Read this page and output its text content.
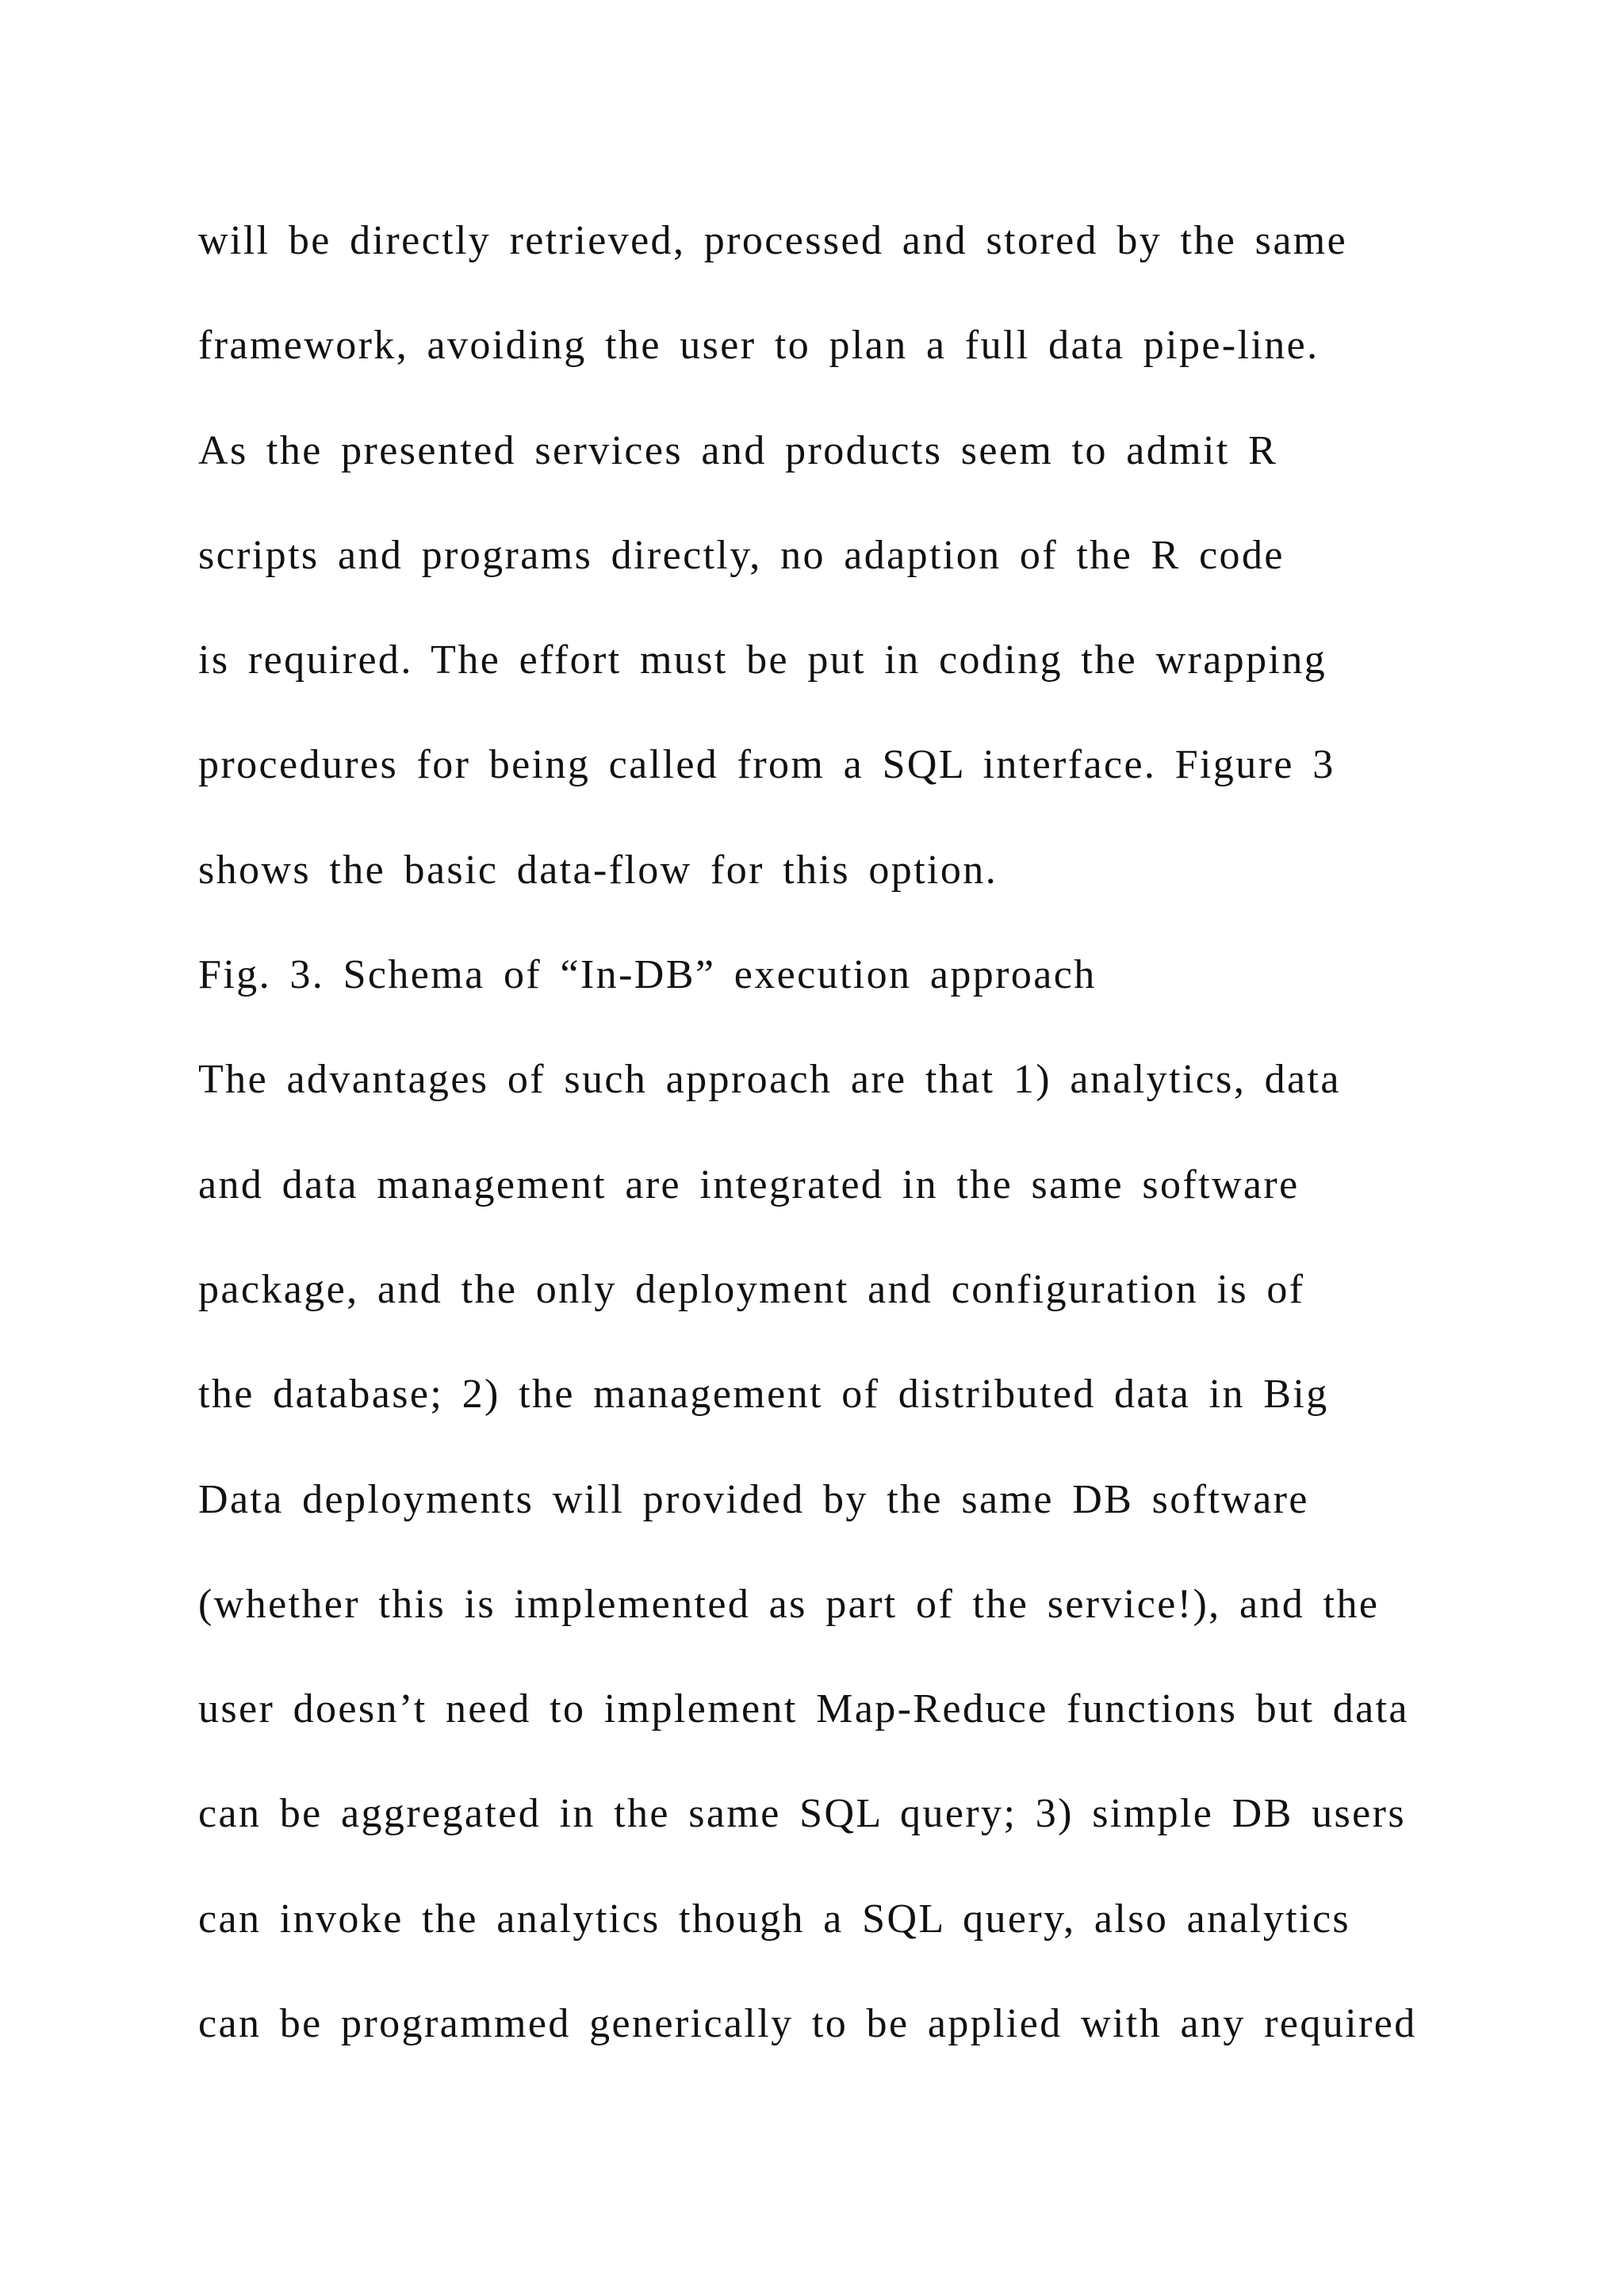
will be directly retrieved, processed and stored by the same
framework, avoiding the user to plan a full data pipe-line.
As the presented services and products seem to admit R
scripts and programs directly, no adaption of the R code
is required. The effort must be put in coding the wrapping
procedures for being called from a SQL interface. Figure 3
shows the basic data-flow for this option.
Fig. 3. Schema of “In-DB” execution approach
The advantages of such approach are that 1) analytics, data
and data management are integrated in the same software
package, and the only deployment and configuration is of
the database; 2) the management of distributed data in Big
Data deployments will provided by the same DB software
(whether this is implemented as part of the service!), and the
user doesn’t need to implement Map-Reduce functions but data
can be aggregated in the same SQL query; 3) simple DB users
can invoke the analytics though a SQL query, also analytics
can be programmed generically to be applied with any required
